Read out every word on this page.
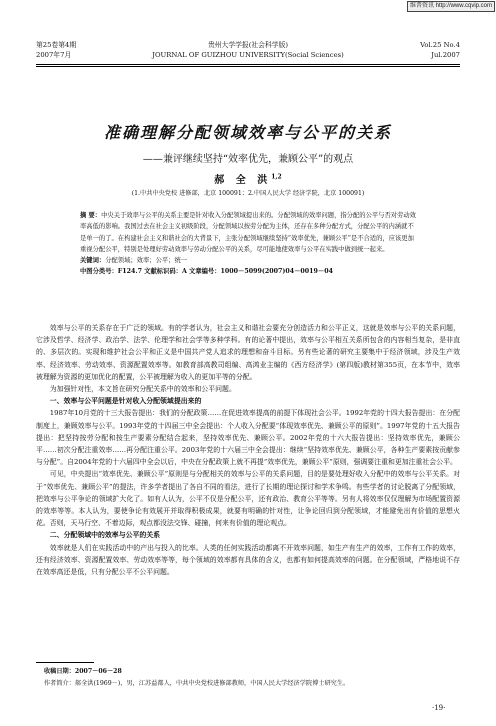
维普资讯 http://www.cqvip.com
第25卷第4期
2007年7月
贵州大学学报(社会科学版)
JOURNAL OF GUIZHOU UNIVERSITY(Social Sciences)
Vol.25 No.4
Jul.2007
准确理解分配领域效率与公平的关系
——兼评继续坚持“效率优先，兼顾公平”的观点
郝 全 洪$^{1,2}$
(1.中共中央党校 进修部，北京 100091；2.中国人民大学 经济学院，北京 100091)
摘 要：中央关于效率与公平的关系主要是针对收入分配领域提出来的。分配领域的效率问题，指分配的公平与否对劳动效率高低的影响。我国过去在社会主义初级阶段，分配领域以按劳分配为主体，还存在多种分配方式，分配公平的内涵就不是单一的了。在构建社会主义和谐社会的大背景下，主张分配领域继续坚持“效率优先，兼顾公平”是不合适的，应该更加重视分配公平，特别是处理好劳动效率与劳动分配公平的关系，尽可能地使效率与公平在实践中做到统一起来。
关键词：分配领域；效率；公平；统一
中图分类号：F124.7 文献标识码：A 文章编号：1000－5099(2007)04－0019－04

效率与公平的关系存在于广泛的领域。有的学者认为，社会主义和谐社会要充分创造活力和公平正义，这就是效率与公平的关系问题，它涉及哲学、经济学、政治学、法学、伦理学和社会学等多种学科。有的论著中提出，效率与公平相互关系所包含的内容相当复杂，是非直的、多层次的。实现和维护社会公平和正义是中国共产党人追求的理想和奋斗目标。另有些论著的研究主要集中于经济领域，涉及生产效率、经济效率、劳动效率、资源配置效率等。如教育部高教司组编、高鸿业主编的《西方经济学》(第四版)教材第355页，在本节中，效率被理解为资源的更加优化的配置，公平被理解为收入的更加平等的分配。

为加强针对性，本文旨在研究分配关系中的效率和公平问题。

一、效率与公平问题是针对收入分配领域提出来的

1987年10月党的十三大报告提出：我们的分配政策……在促进效率提高的前提下体现社会公平。1992年党的十四大报告提出：在分配制度上，兼顾效率与公平。1993年党的十四届三中全会提出：个人收入分配要“体现效率优先、兼顾公平的原则”。1997年党的十五大报告提出：把坚持按劳分配和按生产要素分配结合起来，坚持效率优先、兼顾公平。2002年党的十六大报告提出：坚持效率优先，兼顾公平……初次分配注重效率……再分配注重公平。2003年党的十六届三中全会提出：继续“坚持效率优先、兼顾公平，各种生产要素按贡献参与分配”。自2004年党的十六届四中全会以后，中央在分配政策上就不再提“效率优先，兼顾公平”原则，强调要注重和更加注重社会公平。

可见，中央提出“效率优先、兼顾公平”原则是与分配相关的效率与公平的关系问题，目的是要处理好收入分配中的效率与公平关系。对于“效率优先、兼顾公平”的提法，许多学者提出了各自不同的看法，进行了长期的理论探讨和学术争鸣。有些学者的讨论脱离了分配领域，把效率与公平争论的领域扩大化了。如有人认为，公平不仅是分配公平，还有政治、教育公平等等。另有人将效率仅仅理解为市场配置资源的效率等等。本人认为，要使争论有效展开并取得积极成果，就要有明确的针对性，让争论回归到分配领域，才能避免出有价值的思想火花。否则，天马行空、不着边际，观点都没法交锋、碰撞，何来有价值的理论观点。

二、分配领域中的效率与公平的关系

效率就是人们在实践活动中的产出与投入的比率。人类的任何实践活动都离不开效率问题，如生产有生产的效率，工作有工作的效率，还有经济效率、资源配置效率、劳动效率等等，每个领域的效率都有具体的含义，也都有如何提高效率的问题。在分配领域，严格地说不存在效率高还是低，只有分配公平不公平问题。

收稿日期：2007－06－28
作者简介：郝全洪(1969－)，男，江苏益都人，中共中央党校进修部教师，中国人民大学经济学院博士研究生。
·19·
